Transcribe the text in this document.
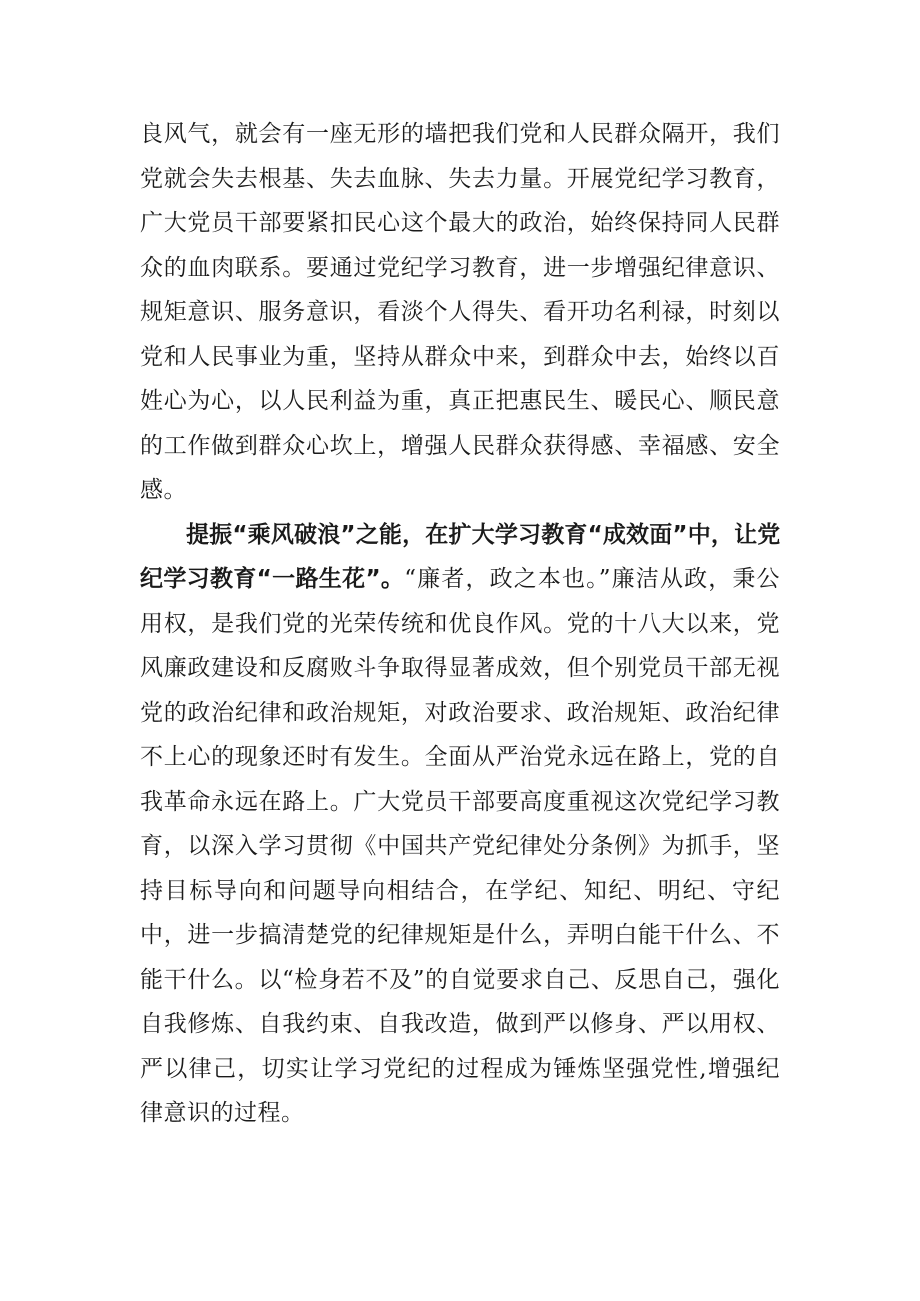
良风气，就会有一座无形的墙把我们党和人民群众隔开，我们党就会失去根基、失去血脉、失去力量。开展党纪学习教育，广大党员干部要紧扣民心这个最大的政治，始终保持同人民群众的血肉联系。要通过党纪学习教育，进一步增强纪律意识、规矩意识、服务意识，看淡个人得失、看开功名利禄，时刻以党和人民事业为重，坚持从群众中来，到群众中去，始终以百姓心为心，以人民利益为重，真正把惠民生、暖民心、顺民意的工作做到群众心坎上，增强人民群众获得感、幸福感、安全感。

提振“乘风破浪”之能，在扩大学习教育“成效面”中，让党纪学习教育“一路生花”。“廉者，政之本也。”廉洁从政，秉公用权，是我们党的光荣传统和优良作风。党的十八大以来，党风廉政建设和反腐败斗争取得显著成效，但个别党员干部无视党的政治纪律和政治规矩，对政治要求、政治规矩、政治纪律不上心的现象还时有发生。全面从严治党永远在路上，党的自我革命永远在路上。广大党员干部要高度重视这次党纪学习教育，以深入学习贯彻《中国共产党纪律处分条例》为抓手，坚持目标导向和问题导向相结合，在学纪、知纪、明纪、守纪中，进一步搞清楚党的纪律规矩是什么，弄明白能干什么、不能干什么。以“检身若不及”的自觉要求自己、反思自己，强化自我修炼、自我约束、自我改造，做到严以修身、严以用权、严以律己，切实让学习党纪的过程成为锤炼坚强党性,增强纪律意识的过程。
